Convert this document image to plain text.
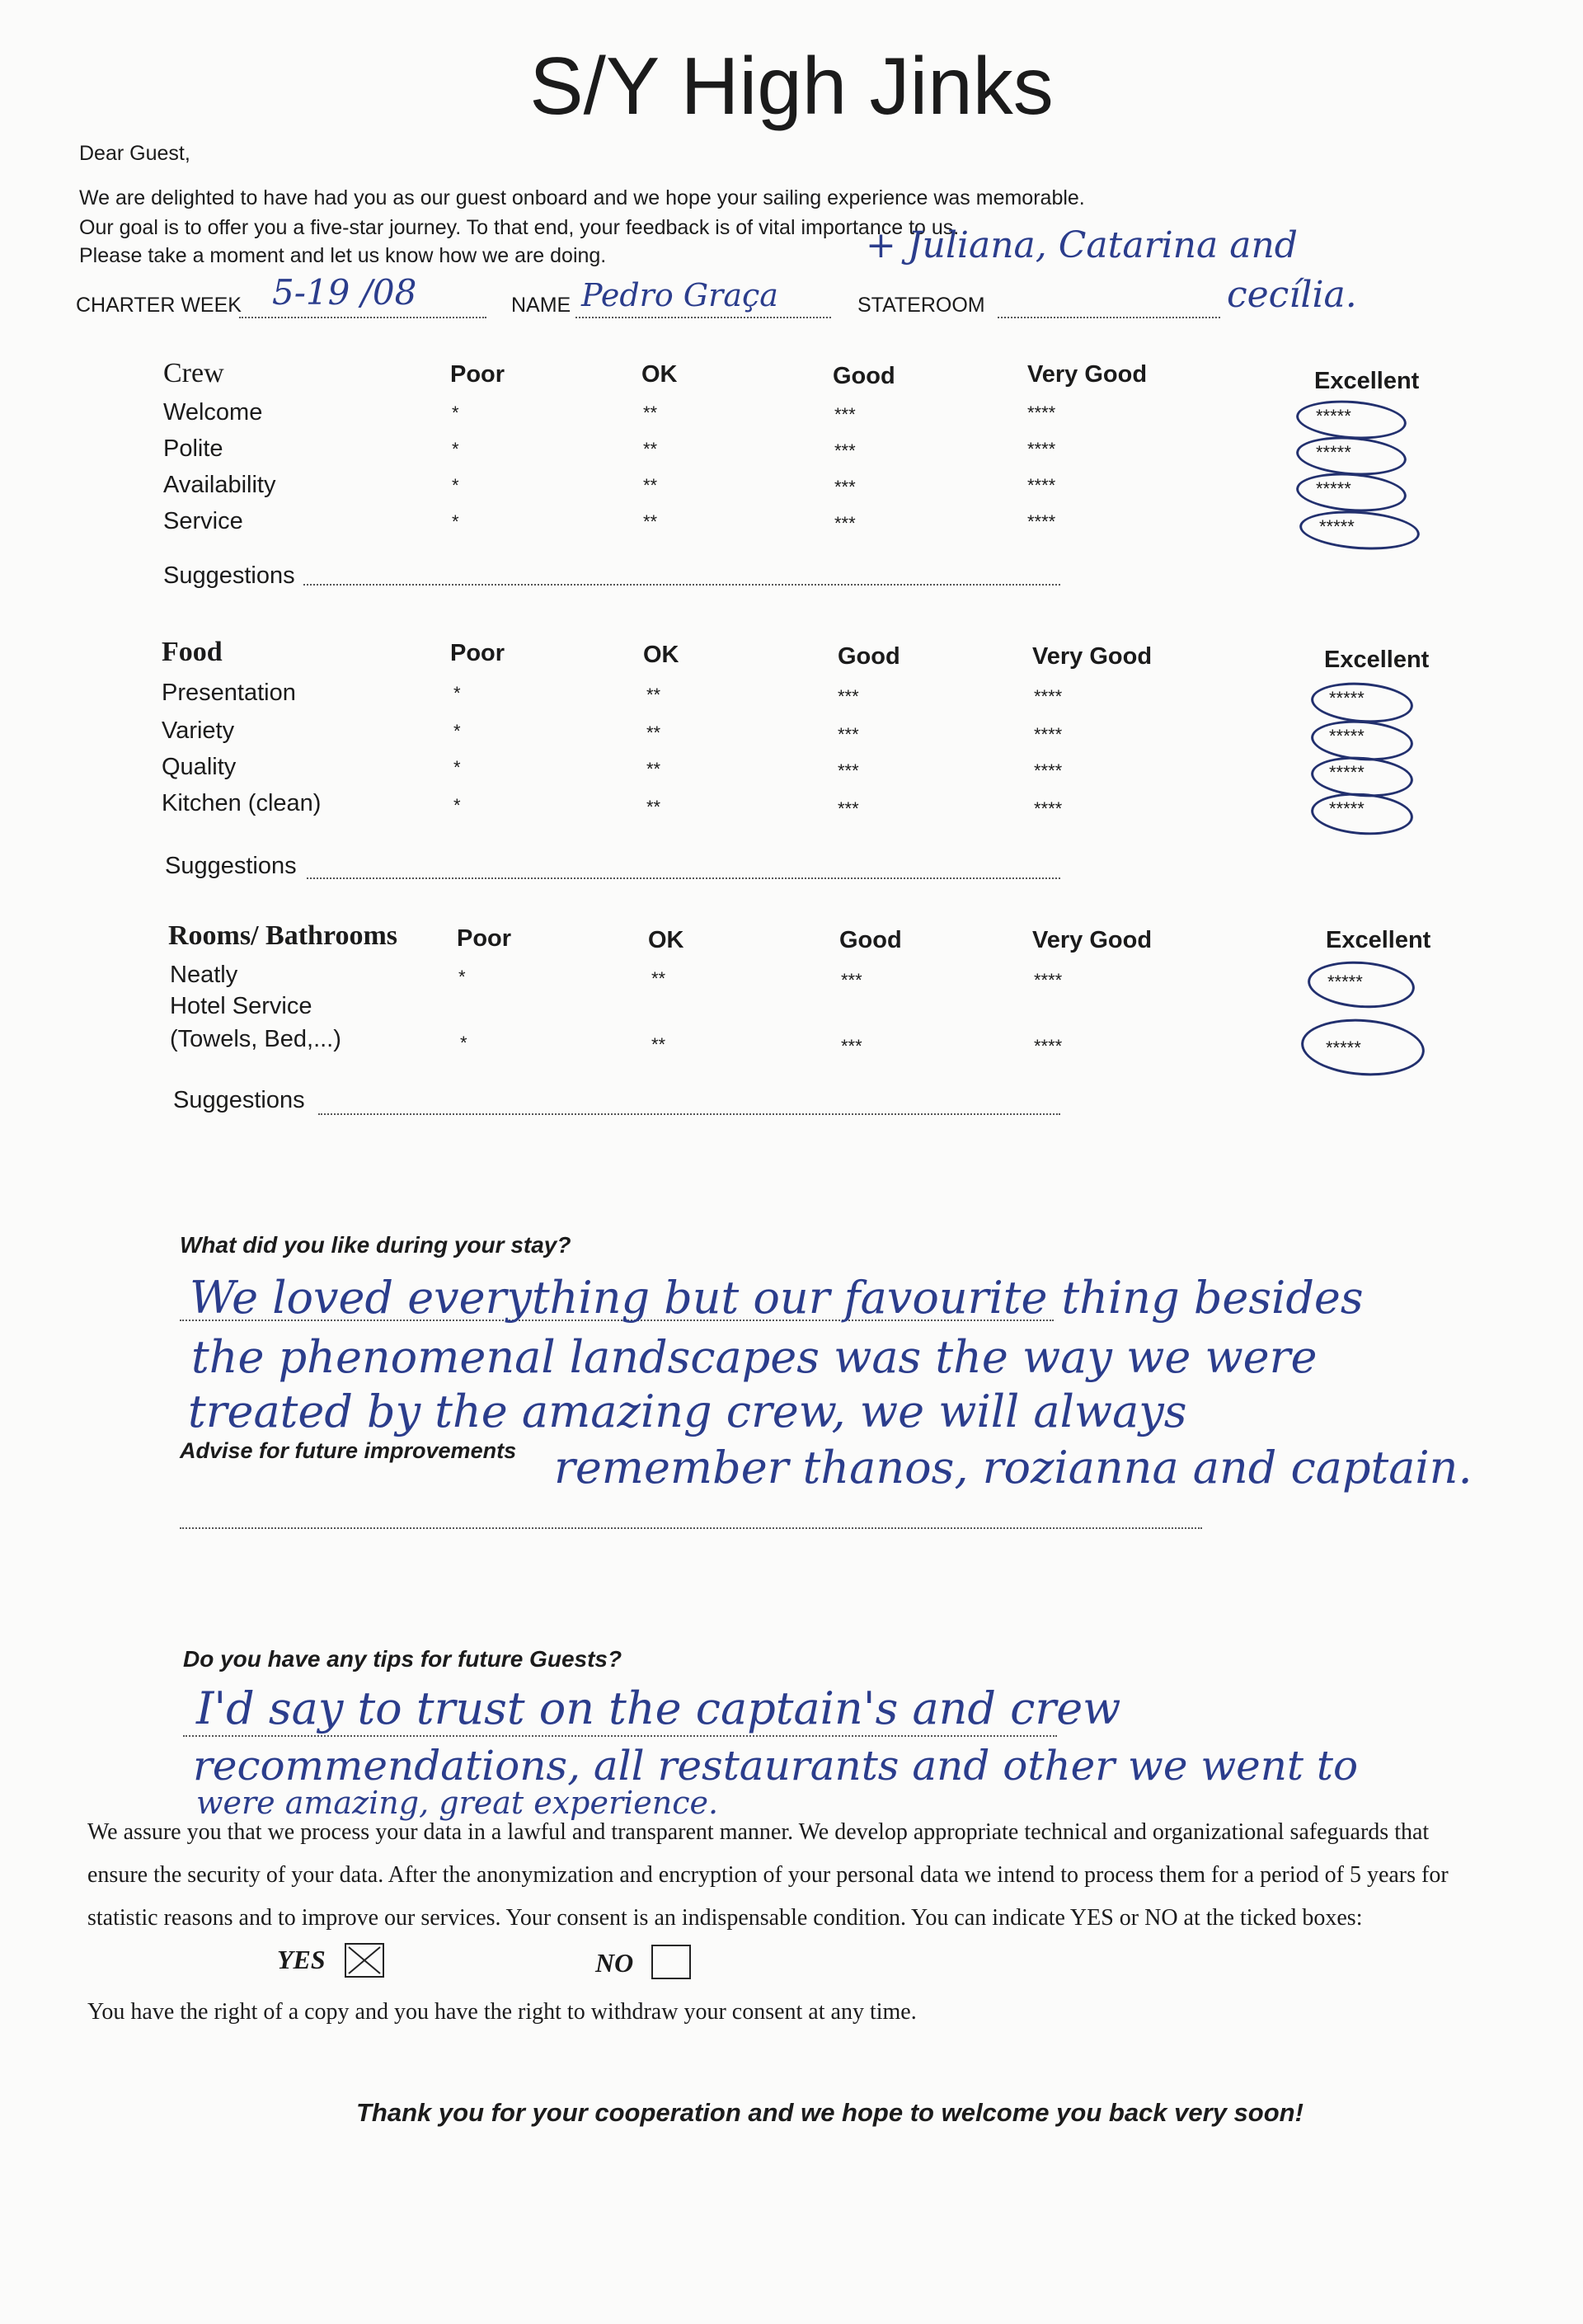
S/Y High Jinks
Dear Guest,
We are delighted to have had you as our guest onboard and we hope your sailing experience was memorable.
Our goal is to offer you a five-star journey. To that end, your feedback is of vital importance to us.
Please take a moment and let us know how we are doing.
CHARTER WEEK 5-19 /08	NAME Pedro Graça	STATEROOM
+ Juliana, Catarina and
cecília.
Crew	Poor	OK	Good	Very Good	Excellent
Welcome	*	**	***	****	*****
Polite	*	**	***	****	*****
Availability	*	**	***	****	*****
Service	*	**	***	****	*****
Suggestions
Food	Poor	OK	Good	Very Good	Excellent
Presentation	*	**	***	****	*****
Variety	*	**	***	****	*****
Quality	*	**	***	****	*****
Kitchen (clean)	*	**	***	****	*****
Suggestions
Rooms/ Bathrooms Poor	OK	Good	Very Good	Excellent
Neatly	*	**	***	****	*****
Hotel Service
(Towels, Bed,...)	*	**	***	****	*****
Suggestions
What did you like during your stay?
We loved everything but our favourite thing besides
the phenomenal landscapes was the way we were
treated by the amazing crew, we will always
Advise for future improvements remember thanos, rozianna and captain.
Do you have any tips for future Guests?
I'd say to trust on the captain's and crew
recommendations, all restaurants and other we went to
were amazing, great experience.
We assure you that we process your data in a lawful and transparent manner. We develop appropriate technical and organizational safeguards that
ensure the security of your data. After the anonymization and encryption of your personal data we intend to process them for a period of 5 years for
statistic reasons and to improve our services. Your consent is an indispensable condition. You can indicate YES or NO at the ticked boxes:
YES	NO
You have the right of a copy and you have the right to withdraw your consent at any time.
Thank you for your cooperation and we hope to welcome you back very soon!
